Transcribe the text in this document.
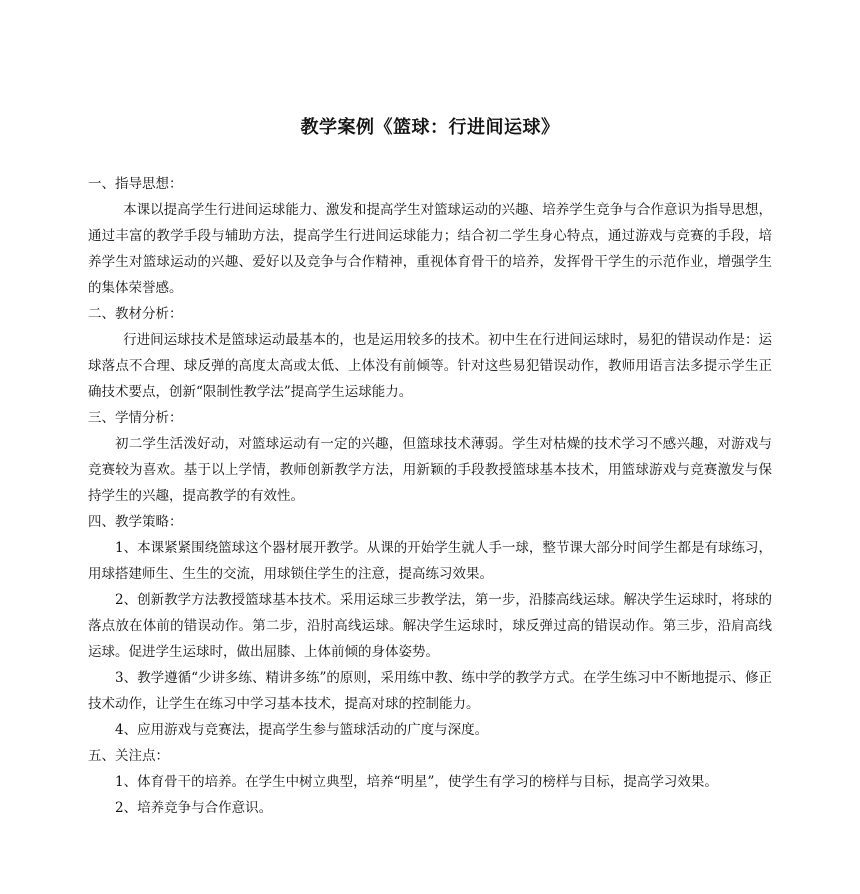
教学案例《篮球：行进间运球》

一、指导思想：

本课以提高学生行进间运球能力、激发和提高学生对篮球运动的兴趣、培养学生竞争与合作意识为指导思想，通过丰富的教学手段与辅助方法，提高学生行进间运球能力；结合初二学生身心特点，通过游戏与竞赛的手段，培养学生对篮球运动的兴趣、爱好以及竞争与合作精神，重视体育骨干的培养，发挥骨干学生的示范作业，增强学生的集体荣誉感。

二、教材分析：

行进间运球技术是篮球运动最基本的，也是运用较多的技术。初中生在行进间运球时，易犯的错误动作是：运球落点不合理、球反弹的高度太高或太低、上体没有前倾等。针对这些易犯错误动作，教师用语言法多提示学生正确技术要点，创新“限制性教学法”提高学生运球能力。

三、学情分析：

初二学生活泼好动，对篮球运动有一定的兴趣，但篮球技术薄弱。学生对枯燥的技术学习不感兴趣，对游戏与竞赛较为喜欢。基于以上学情，教师创新教学方法，用新颖的手段教授篮球基本技术，用篮球游戏与竞赛激发与保持学生的兴趣，提高教学的有效性。

四、教学策略：

1、本课紧紧围绕篮球这个器材展开教学。从课的开始学生就人手一球，整节课大部分时间学生都是有球练习，用球搭建师生、生生的交流，用球锁住学生的注意，提高练习效果。

2、创新教学方法教授篮球基本技术。采用运球三步教学法，第一步，沿膝高线运球。解决学生运球时，将球的落点放在体前的错误动作。第二步，沿肘高线运球。解决学生运球时，球反弹过高的错误动作。第三步，沿肩高线运球。促进学生运球时，做出屈膝、上体前倾的身体姿势。

3、教学遵循“少讲多练、精讲多练”的原则，采用练中教、练中学的教学方式。在学生练习中不断地提示、修正技术动作，让学生在练习中学习基本技术，提高对球的控制能力。

4、应用游戏与竞赛法，提高学生参与篮球活动的广度与深度。

五、关注点：

1、体育骨干的培养。在学生中树立典型，培养“明星”，使学生有学习的榜样与目标，提高学习效果。

2、培养竞争与合作意识。
